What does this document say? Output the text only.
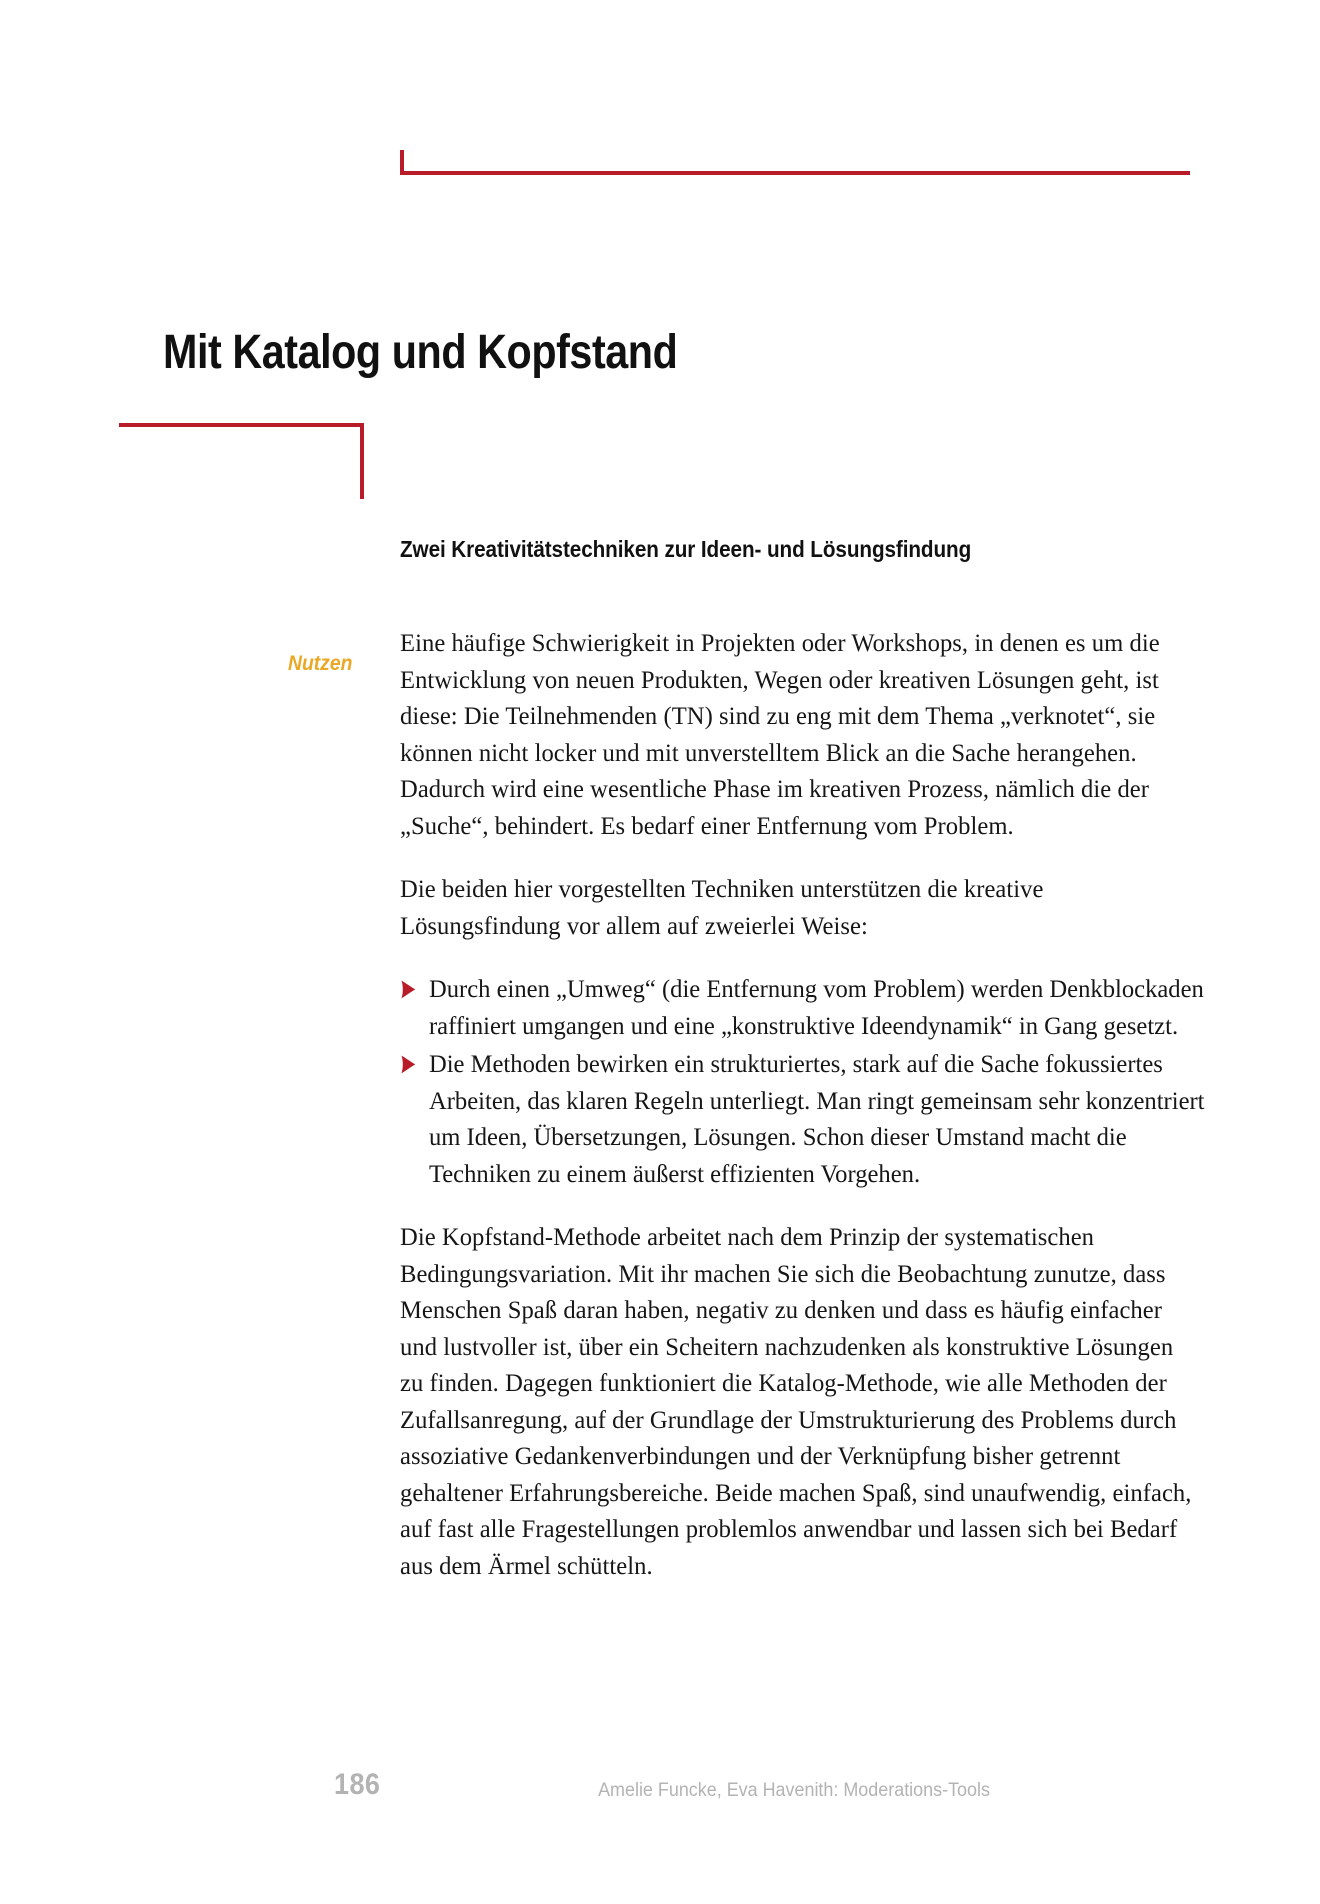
Mit Katalog und Kopfstand
Nutzen
Zwei Kreativitätstechniken zur Ideen- und Lösungsfindung

Eine häufige Schwierigkeit in Projekten oder Workshops, in denen es um die Entwicklung von neuen Produkten, Wegen oder kreativen Lösungen geht, ist diese: Die Teilnehmenden (TN) sind zu eng mit dem Thema „verknotet“, sie können nicht locker und mit unverstelltem Blick an die Sache herangehen. Dadurch wird eine wesentliche Phase im kreativen Prozess, nämlich die der „Suche“, behindert. Es bedarf einer Entfernung vom Problem.

Die beiden hier vorgestellten Techniken unterstützen die kreative Lösungsfindung vor allem auf zweierlei Weise:

Durch einen „Umweg“ (die Entfernung vom Problem) werden Denkblockaden raffiniert umgangen und eine „konstruktive Ideendynamik“ in Gang gesetzt.
Die Methoden bewirken ein strukturiertes, stark auf die Sache fokussiertes Arbeiten, das klaren Regeln unterliegt. Man ringt gemeinsam sehr konzentriert um Ideen, Übersetzungen, Lösungen. Schon dieser Umstand macht die Techniken zu einem äußerst effizienten Vorgehen.

Die Kopfstand-Methode arbeitet nach dem Prinzip der systematischen Bedingungsvariation. Mit ihr machen Sie sich die Beobachtung zunutze, dass Menschen Spaß daran haben, negativ zu denken und dass es häufig einfacher und lustvoller ist, über ein Scheitern nachzudenken als konstruktive Lösungen zu finden. Dagegen funktioniert die Katalog-Methode, wie alle Methoden der Zufallsanregung, auf der Grundlage der Umstrukturierung des Problems durch assoziative Gedankenverbindungen und der Verknüpfung bisher getrennt gehaltener Erfahrungsbereiche. Beide machen Spaß, sind unaufwendig, einfach, auf fast alle Fragestellungen problemlos anwendbar und lassen sich bei Bedarf aus dem Ärmel schütteln.

186	Amelie Funcke, Eva Havenith: Moderations-Tools
